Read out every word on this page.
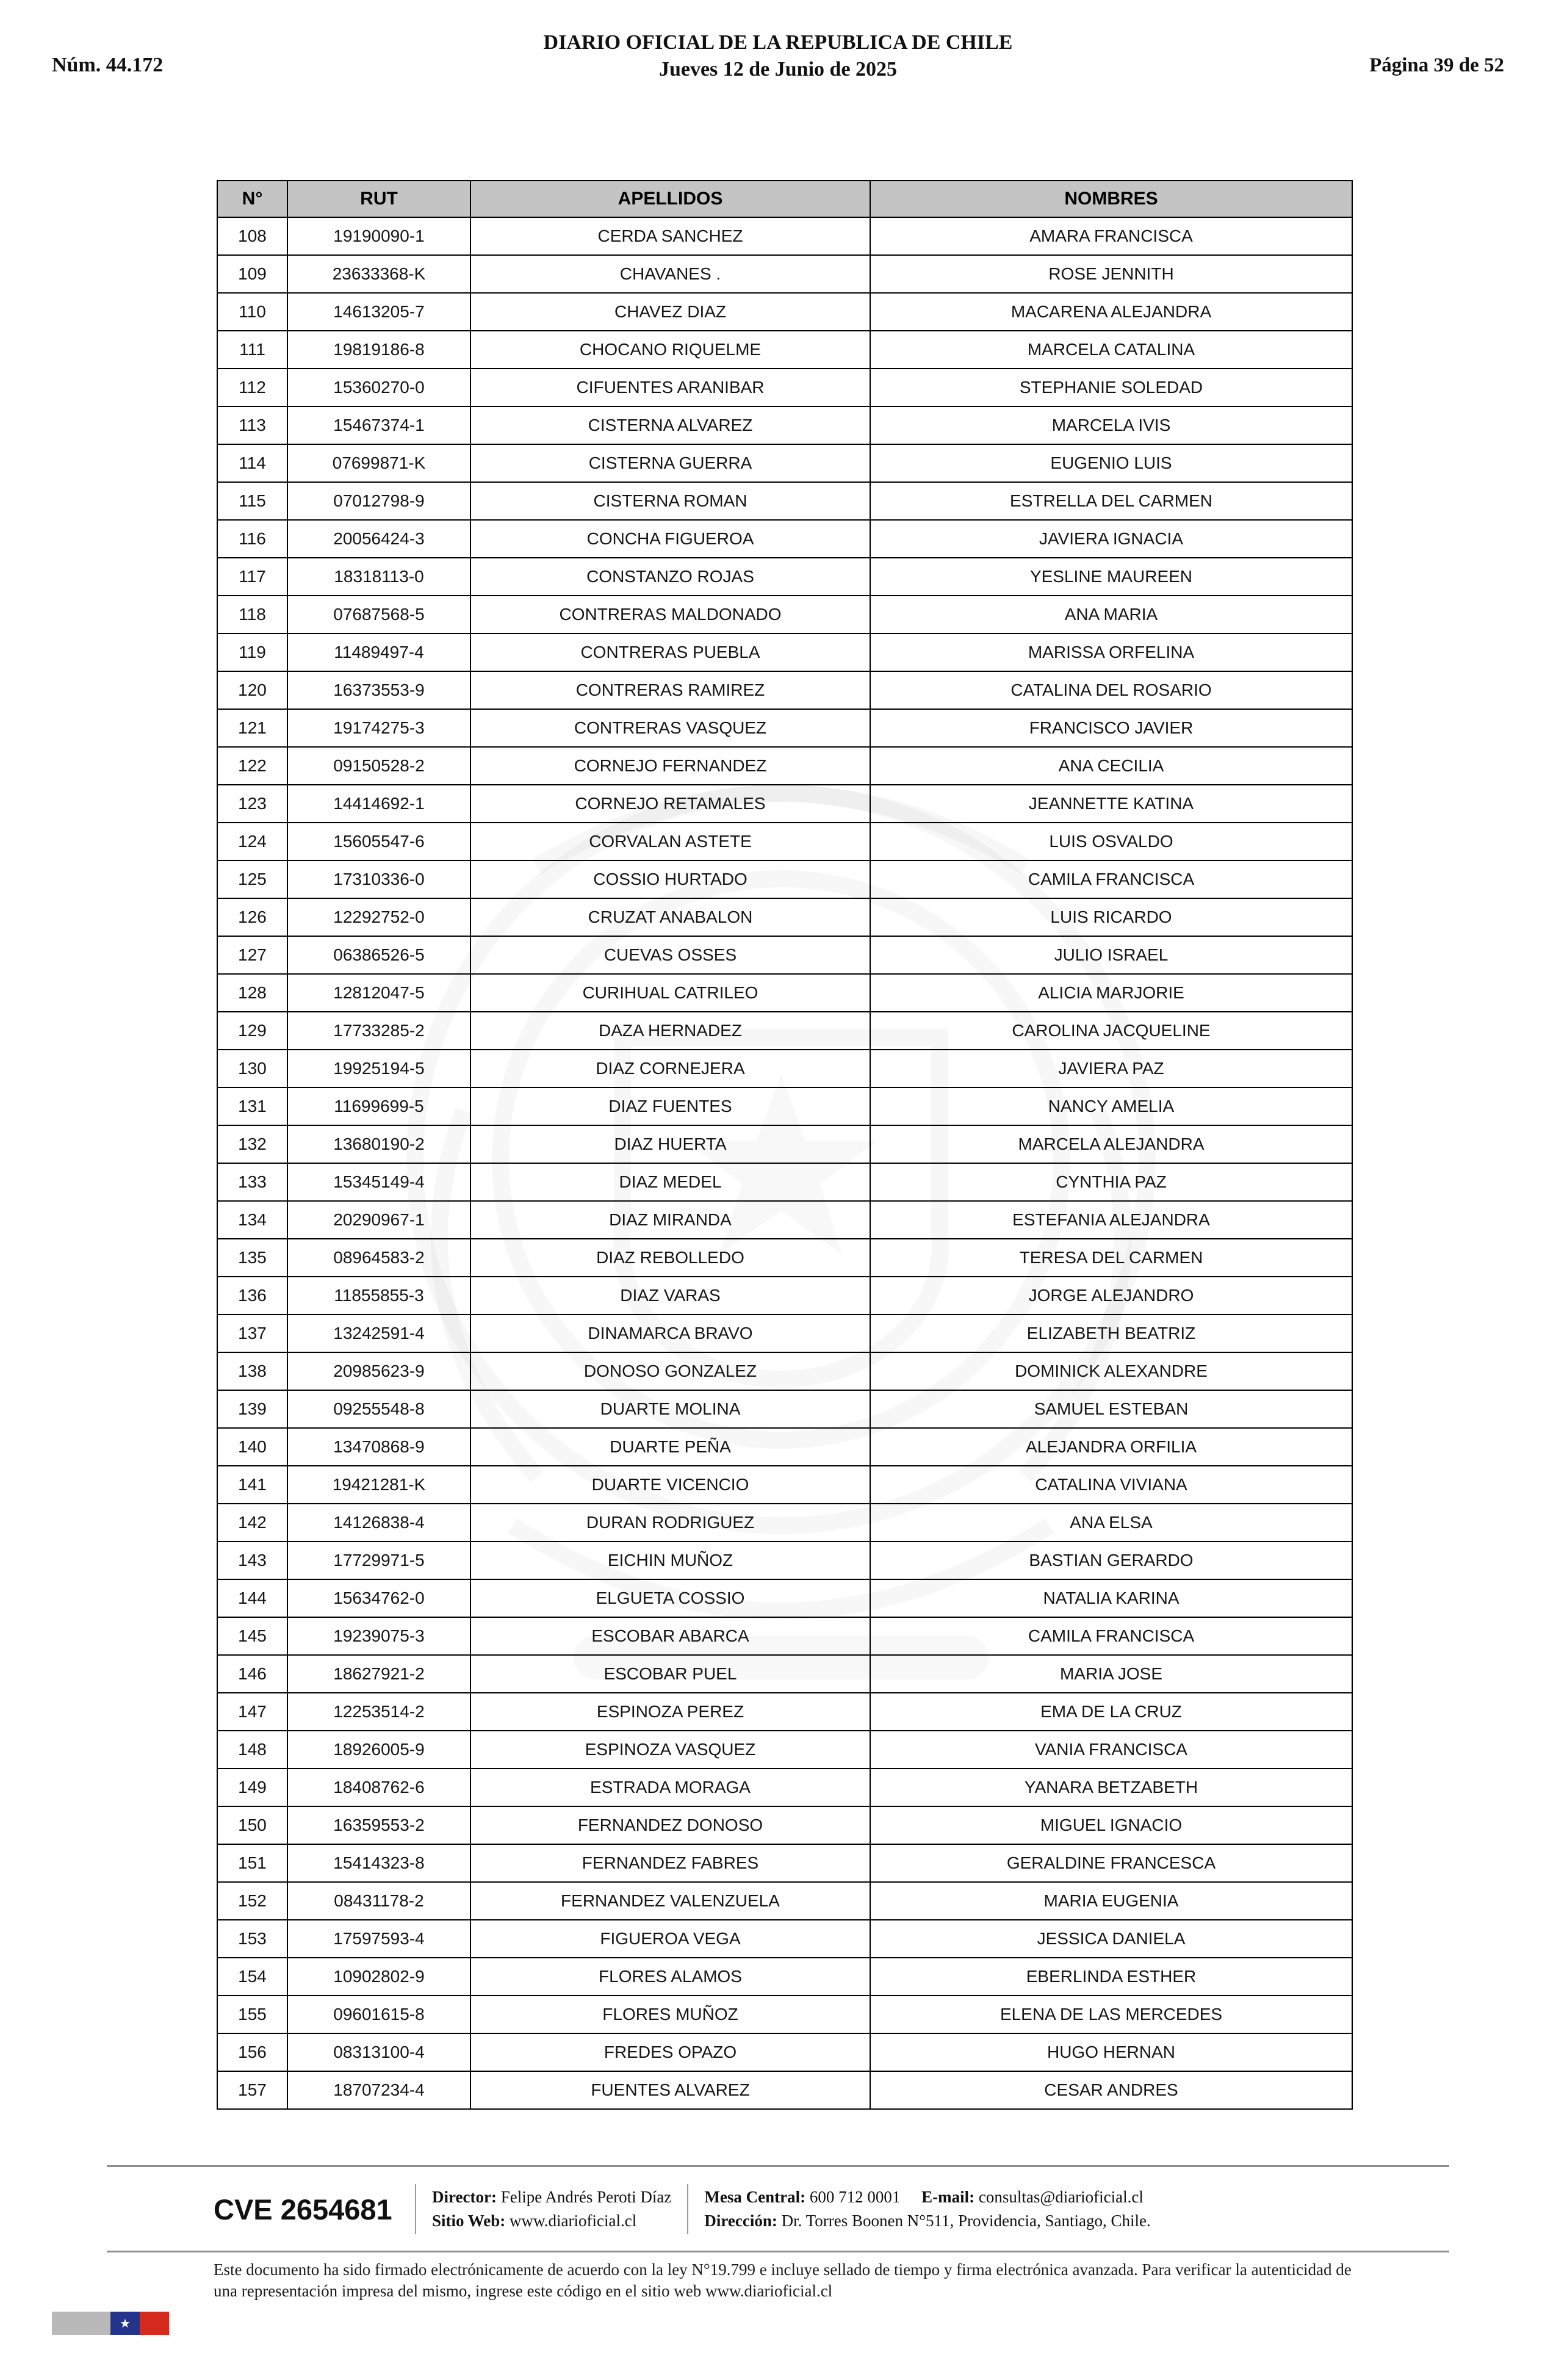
Núm. 44.172
DIARIO OFICIAL DE LA REPUBLICA DE CHILE
Jueves 12 de Junio de 2025	Página 39 de 52
N°	RUT	APELLIDOS	NOMBRES
108	19190090-1	CERDA SANCHEZ	AMARA FRANCISCA
109	23633368-K	CHAVANES .	ROSE JENNITH
110	14613205-7	CHAVEZ DIAZ	MACARENA ALEJANDRA
111	19819186-8	CHOCANO RIQUELME	MARCELA CATALINA
112	15360270-0	CIFUENTES ARANIBAR	STEPHANIE SOLEDAD
113	15467374-1	CISTERNA ALVAREZ	MARCELA IVIS
114	07699871-K	CISTERNA GUERRA	EUGENIO LUIS
115	07012798-9	CISTERNA ROMAN	ESTRELLA DEL CARMEN
116	20056424-3	CONCHA FIGUEROA	JAVIERA IGNACIA
117	18318113-0	CONSTANZO ROJAS	YESLINE MAUREEN
118	07687568-5	CONTRERAS MALDONADO	ANA MARIA
119	11489497-4	CONTRERAS PUEBLA	MARISSA ORFELINA
120	16373553-9	CONTRERAS RAMIREZ	CATALINA DEL ROSARIO
121	19174275-3	CONTRERAS VASQUEZ	FRANCISCO JAVIER
122	09150528-2	CORNEJO FERNANDEZ	ANA CECILIA
123	14414692-1	CORNEJO RETAMALES	JEANNETTE KATINA
124	15605547-6	CORVALAN ASTETE	LUIS OSVALDO
125	17310336-0	COSSIO HURTADO	CAMILA FRANCISCA
126	12292752-0	CRUZAT ANABALON	LUIS RICARDO
127	06386526-5	CUEVAS OSSES	JULIO ISRAEL
128	12812047-5	CURIHUAL CATRILEO	ALICIA MARJORIE
129	17733285-2	DAZA HERNADEZ	CAROLINA JACQUELINE
130	19925194-5	DIAZ CORNEJERA	JAVIERA PAZ
131	11699699-5	DIAZ FUENTES	NANCY AMELIA
132	13680190-2	DIAZ HUERTA	MARCELA ALEJANDRA
133	15345149-4	DIAZ MEDEL	CYNTHIA PAZ
134	20290967-1	DIAZ MIRANDA	ESTEFANIA ALEJANDRA
135	08964583-2	DIAZ REBOLLEDO	TERESA DEL CARMEN
136	11855855-3	DIAZ VARAS	JORGE ALEJANDRO
137	13242591-4	DINAMARCA BRAVO	ELIZABETH BEATRIZ
138	20985623-9	DONOSO GONZALEZ	DOMINICK ALEXANDRE
139	09255548-8	DUARTE MOLINA	SAMUEL ESTEBAN
140	13470868-9	DUARTE PEÑA	ALEJANDRA ORFILIA
141	19421281-K	DUARTE VICENCIO	CATALINA VIVIANA
142	14126838-4	DURAN RODRIGUEZ	ANA ELSA
143	17729971-5	EICHIN MUÑOZ	BASTIAN GERARDO
144	15634762-0	ELGUETA COSSIO	NATALIA KARINA
145	19239075-3	ESCOBAR ABARCA	CAMILA FRANCISCA
146	18627921-2	ESCOBAR PUEL	MARIA JOSE
147	12253514-2	ESPINOZA PEREZ	EMA DE LA CRUZ
148	18926005-9	ESPINOZA VASQUEZ	VANIA FRANCISCA
149	18408762-6	ESTRADA MORAGA	YANARA BETZABETH
150	16359553-2	FERNANDEZ DONOSO	MIGUEL IGNACIO
151	15414323-8	FERNANDEZ FABRES	GERALDINE FRANCESCA
152	08431178-2	FERNANDEZ VALENZUELA	MARIA EUGENIA
153	17597593-4	FIGUEROA VEGA	JESSICA DANIELA
154	10902802-9	FLORES ALAMOS	EBERLINDA ESTHER
155	09601615-8	FLORES MUÑOZ	ELENA DE LAS MERCEDES
156	08313100-4	FREDES OPAZO	HUGO HERNAN
157	18707234-4	FUENTES ALVAREZ	CESAR ANDRES
CVE 2654681	Director: Felipe Andrés Peroti Díaz
Sitio Web: www.diarioficial.cl
Mesa Central: 600 712 0001 E-mail: consultas@diarioficial.cl
Dirección: Dr. Torres Boonen N°511, Providencia, Santiago, Chile.

Este documento ha sido firmado electrónicamente de acuerdo con la ley N°19.799 e incluye sellado de tiempo y firma electrónica avanzada. Para verificar la autenticidad de una representación impresa del mismo, ingrese este código en el sitio web www.diarioficial.cl

★
